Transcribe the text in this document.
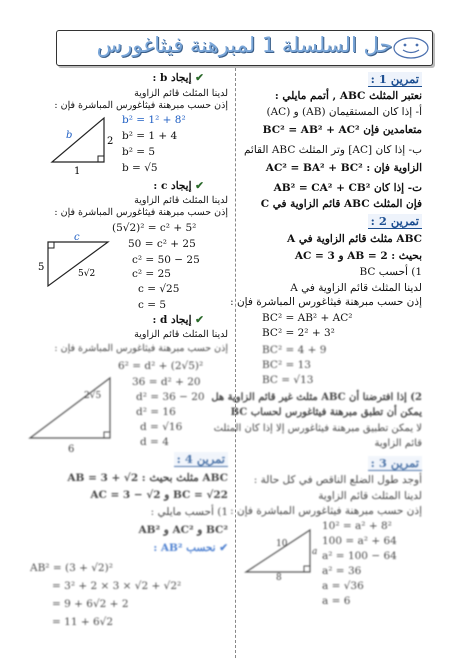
حل السلسلة 1 لمبرهنة فيثاغورس
تمرين 1 :
نعتبر المثلث ABC , أتمم مايلي :
أ- إذا كان المستقيمان (AB) و (AC)
متعامدين فإن BC² = AB² + AC²
ب- إذا كان [AC] وتر المثلث ABC القائم
الزاوية فإن : AC² = BA² + BC²
ت- إذا كان AB² = CA² + CB²
فإن المثلث ABC قائم الزاوية في C
تمرين 2 :
ABC مثلث قائم الزاوية في A
بحيث : AB = 2 و AC = 3
1) أحسب BC
لدينا المثلث قائم الزاوية في A
إذن حسب مبرهنة فيثاغورس المباشرة فإن :
BC² = AB² + AC²
BC² = 2² + 3²
BC² = 4 + 9
BC² = 13
BC = √13
2) إذا افترضنا أن ABC مثلث غير قائم الزاوية هل
يمكن أن تطبق مبرهنة فيثاغورس لحساب BC
لا يمكن تطبيق مبرهنة فيثاغورس إلا إذا كان المثلث
قائم الزاوية
تمرين 3 :
أوجد طول الضلع الناقص في كل حالة :
لدينا المثلث قائم الزاوية
إذن حسب مبرهنة فيثاغورس المباشرة فإن :
10² = a² + 8²
100 = a² + 64
a² = 100 − 64
a² = 36
a = √36
a = 6
10
8
a
✔ إيجاد b :
لدينا المثلث قائم الزاوية
إذن حسب مبرهنة فيثاغورس المباشرة فإن :
b² = 1² + 8²
b² = 1 + 4
b² = 5
b = √5
b
2
1
✔ إيجاد c :
لدينا المثلث قائم الزاوية
إذن حسب مبرهنة فيثاغورس المباشرة فإن :
(5√2)² = c² + 5²
50 = c² + 25
c² = 50 − 25
c² = 25
c = √25
c = 5
c
5
5√2
✔ إيجاد d :
لدينا المثلث قائم الزاوية
إذن حسب مبرهنة فيثاغورس المباشرة فإن :
6² = d² + (2√5)²
36 = d² + 20
d² = 36 − 20
d² = 16
d = √16
d = 4
2√5
6
تمرين 4 :
ABC مثلث بحيث : AB = 3 + √2
BC = √22 و AC = 3 − √2
1) أحسب مايلي :
BC² و AC² و AB²
✔ نحسب AB² :
AB² = (3 + √2)²
= 3² + 2 × 3 × √2 + √2²
= 9 + 6√2 + 2
= 11 + 6√2
